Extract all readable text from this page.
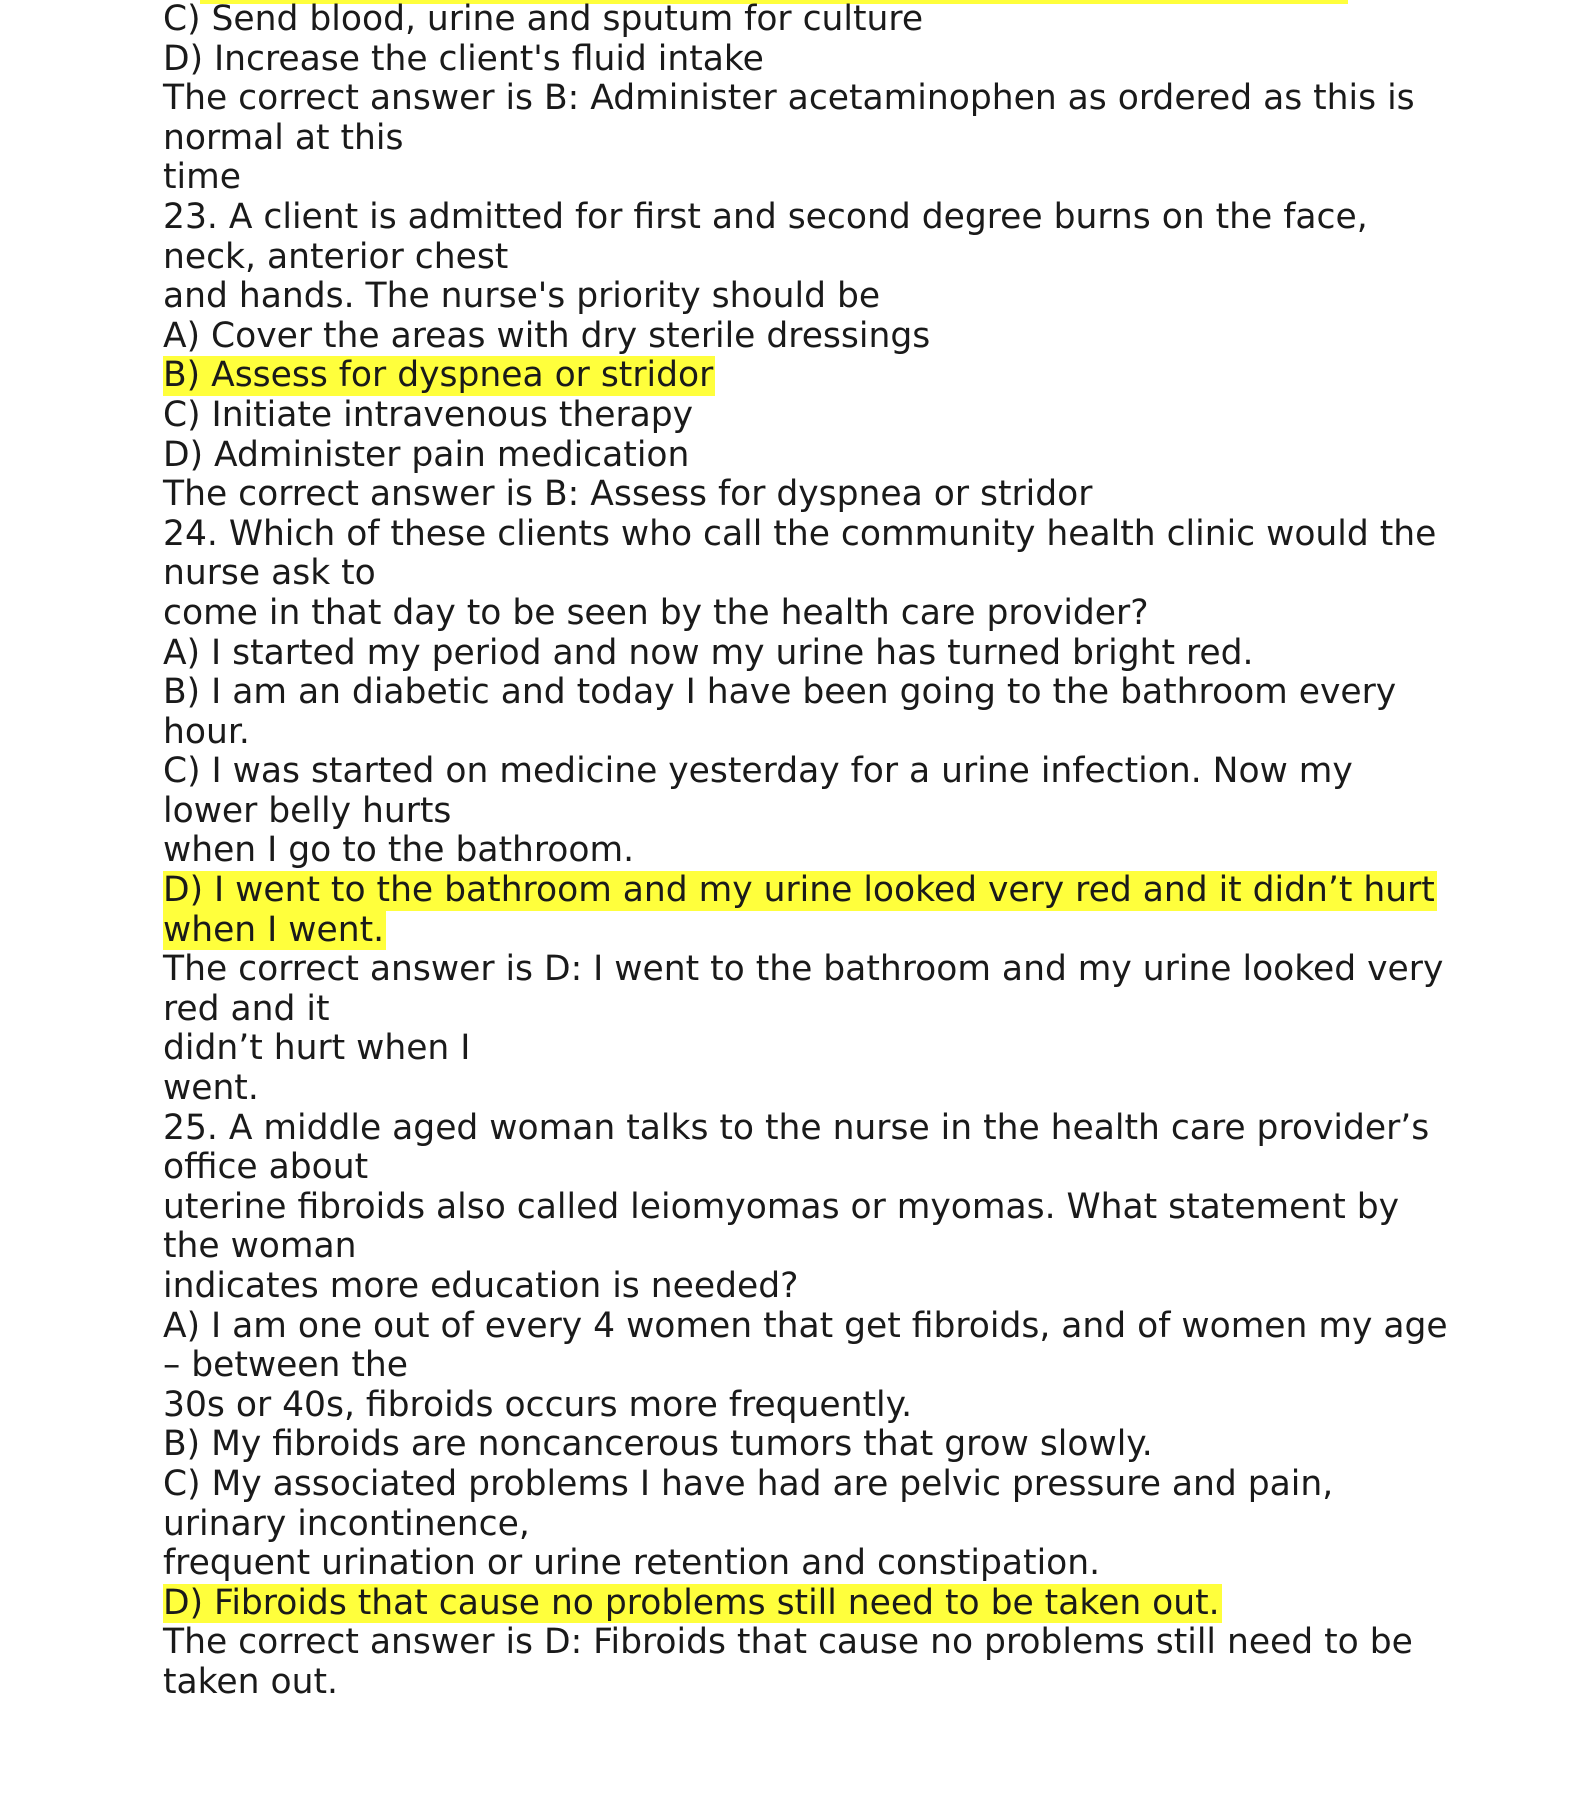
C) Send blood, urine and sputum for culture
D) Increase the client's fluid intake
The correct answer is B: Administer acetaminophen as ordered as this is
normal at this
time
23. A client is admitted for first and second degree burns on the face,
neck, anterior chest
and hands. The nurse's priority should be
A) Cover the areas with dry sterile dressings
B) Assess for dyspnea or stridor
C) Initiate intravenous therapy
D) Administer pain medication
The correct answer is B: Assess for dyspnea or stridor
24. Which of these clients who call the community health clinic would the
nurse ask to
come in that day to be seen by the health care provider?
A) I started my period and now my urine has turned bright red.
B) I am an diabetic and today I have been going to the bathroom every
hour.
C) I was started on medicine yesterday for a urine infection. Now my
lower belly hurts
when I go to the bathroom.
D) I went to the bathroom and my urine looked very red and it didn’t hurt
when I went.
The correct answer is D: I went to the bathroom and my urine looked very
red and it
didn’t hurt when I
went.
25. A middle aged woman talks to the nurse in the health care provider’s
office about
uterine fibroids also called leiomyomas or myomas. What statement by
the woman
indicates more education is needed?
A) I am one out of every 4 women that get fibroids, and of women my age
– between the
30s or 40s, fibroids occurs more frequently.
B) My fibroids are noncancerous tumors that grow slowly.
C) My associated problems I have had are pelvic pressure and pain,
urinary incontinence,
frequent urination or urine retention and constipation.
D) Fibroids that cause no problems still need to be taken out.
The correct answer is D: Fibroids that cause no problems still need to be
taken out.
